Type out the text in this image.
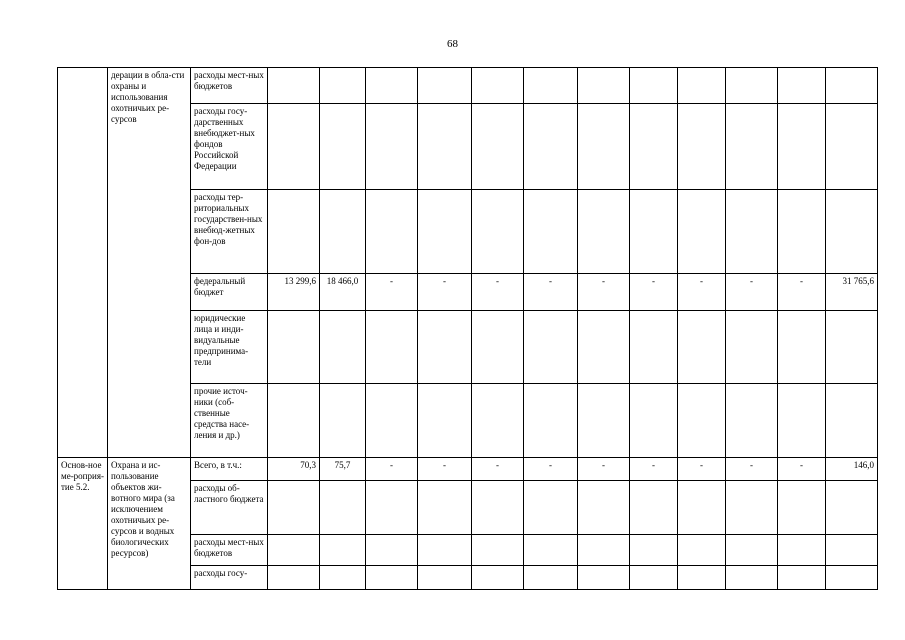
68
	дерации в обла-сти охраны и использования охотничьих ре-сурсов	расходы мест-ных бюджетов												
		расходы госу-дарственных внебюджет-ных фондов Российской Федерации												
		расходы тер-риториальных государствен-ных внебюд-жетных фон-дов												
		федеральный бюджет	13 299,6	18 466,0	-	-	-	-	-	-	-	-	-	31 765,6
		юридические лица и инди-видуальные предпринима-тели												
		прочие источ-ники (соб-ственные средства насе-ления и др.)												
Основ-ное ме-роприя-тие 5.2.	Охрана и ис-пользование объектов жи-вотного мира (за исключением охотничьих ре-сурсов и водных биологических ресурсов)	Всего, в т.ч.:	70,3	75,7	-	-	-	-	-	-	-	-	-	146,0
		расходы об-ластного бюджета												
		расходы мест-ных бюджетов												
		расходы госу-												
